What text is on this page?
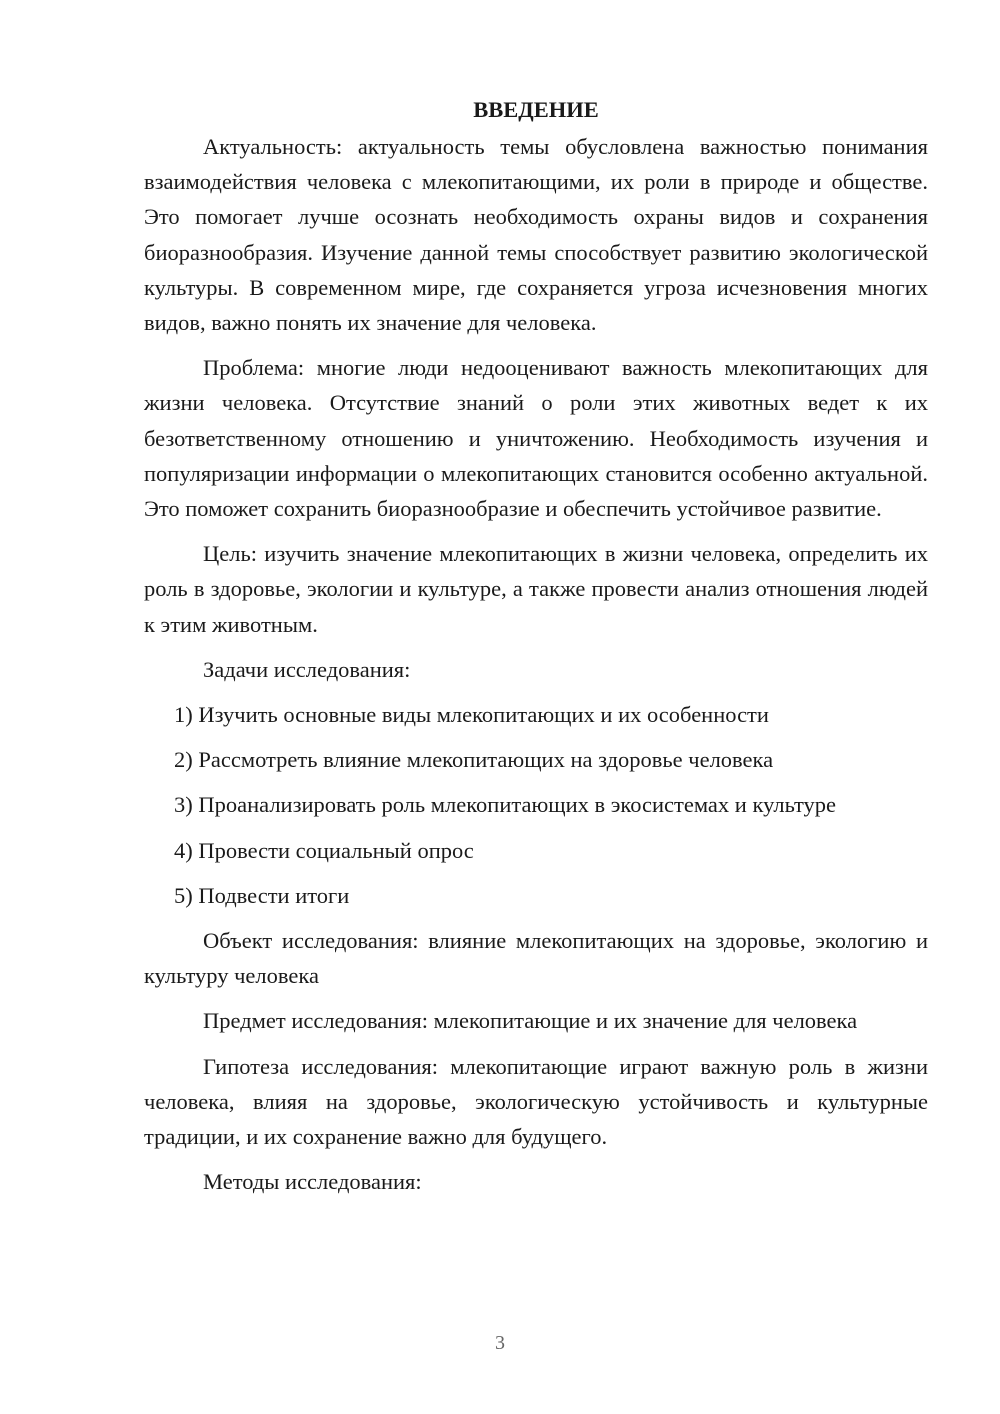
ВВЕДЕНИЕ

Актуальность: актуальность темы обусловлена важностью понимания взаимодействия человека с млекопитающими, их роли в природе и обществе. Это помогает лучше осознать необходимость охраны видов и сохранения биоразнообразия. Изучение данной темы способствует развитию экологической культуры. В современном мире, где сохраняется угроза исчезновения многих видов, важно понять их значение для человека.

Проблема: многие люди недооценивают важность млекопитающих для жизни человека. Отсутствие знаний о роли этих животных ведет к их безответственному отношению и уничтожению. Необходимость изучения и популяризации информации о млекопитающих становится особенно актуальной. Это поможет сохранить биоразнообразие и обеспечить устойчивое развитие.

Цель: изучить значение млекопитающих в жизни человека, определить их роль в здоровье, экологии и культуре, а также провести анализ отношения людей к этим животным.

Задачи исследования:
1) Изучить основные виды млекопитающих и их особенности
2) Рассмотреть влияние млекопитающих на здоровье человека
3) Проанализировать роль млекопитающих в экосистемах и культуре
4) Провести социальный опрос
5) Подвести итоги

Объект исследования: влияние млекопитающих на здоровье, экологию и культуру человека

Предмет исследования: млекопитающие и их значение для человека

Гипотеза исследования: млекопитающие играют важную роль в жизни человека, влияя на здоровье, экологическую устойчивость и культурные традиции, и их сохранение важно для будущего.

Методы исследования:
3
